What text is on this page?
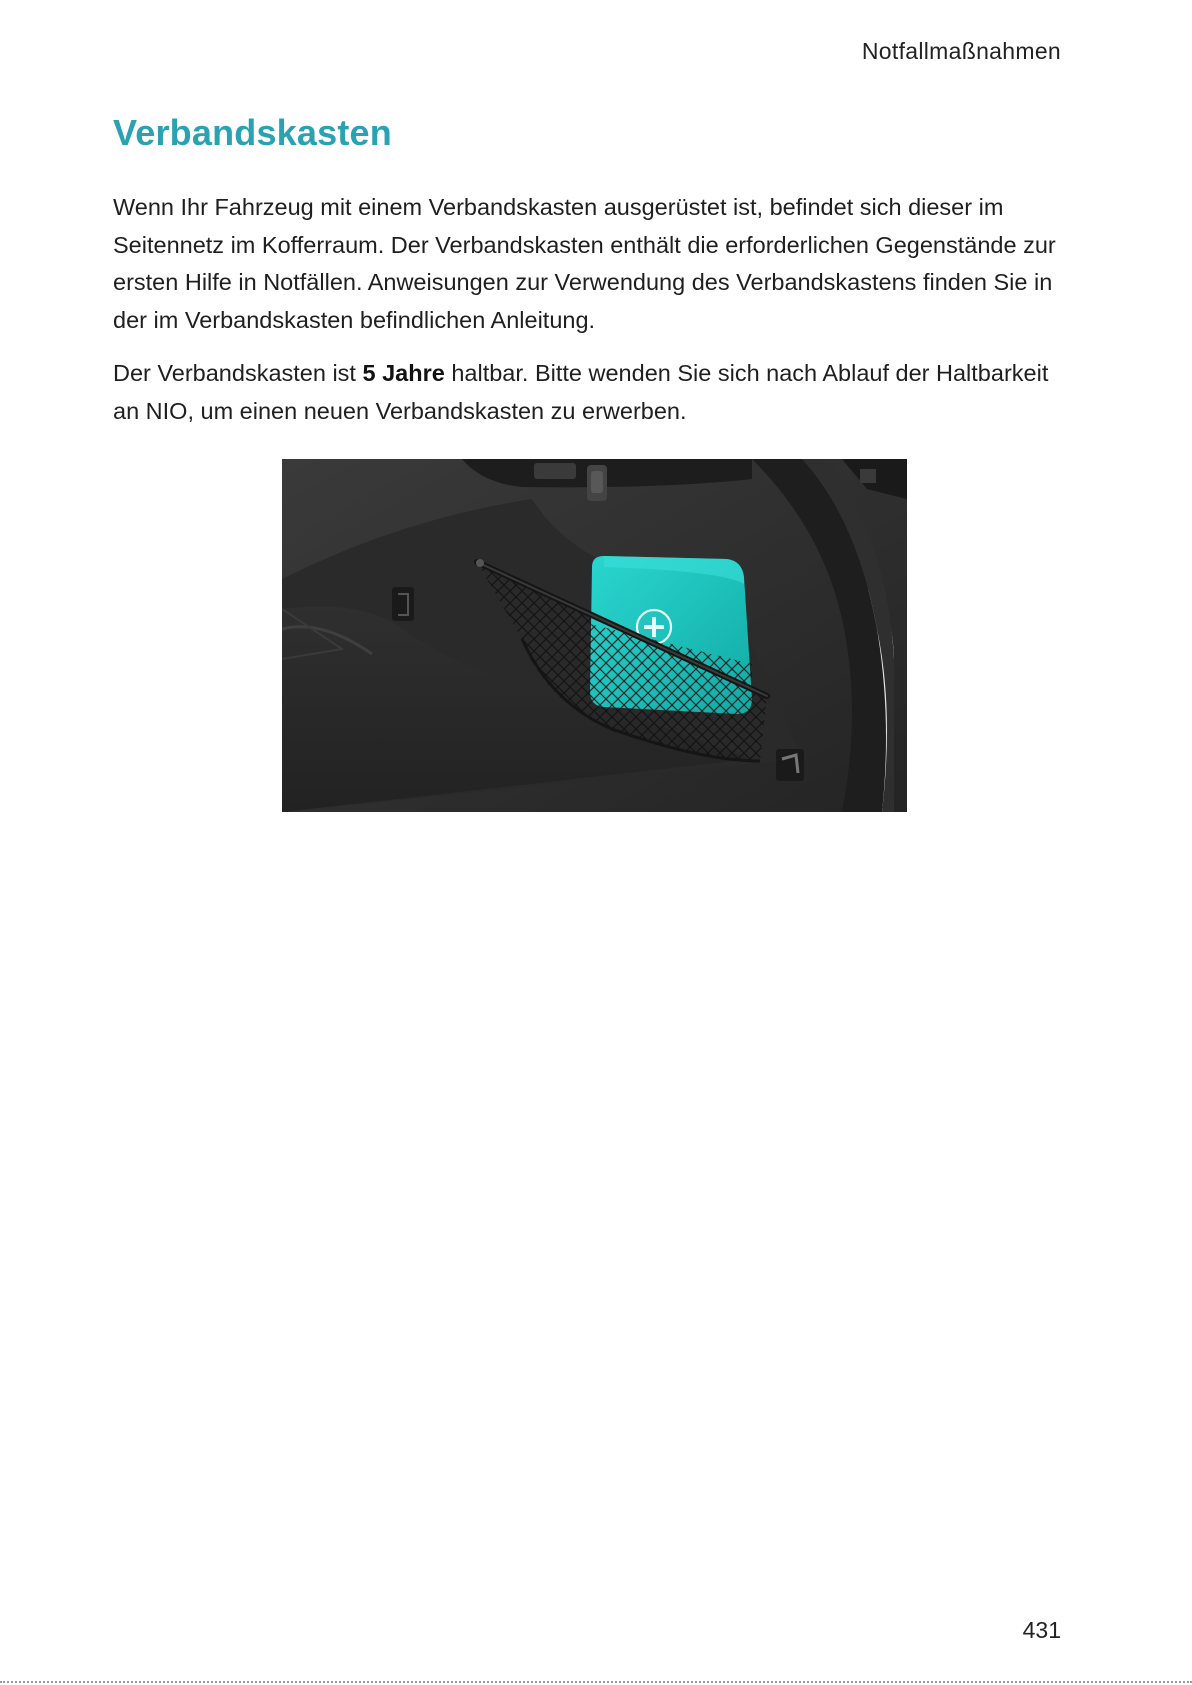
Notfallmaßnahmen
Verbandskasten

Wenn Ihr Fahrzeug mit einem Verbandskasten ausgerüstet ist, befindet sich dieser im Seitennetz im Kofferraum. Der Verbandskasten enthält die erforderlichen Gegenstände zur ersten Hilfe in Notfällen. Anweisungen zur Verwendung des Verbandskastens finden Sie in der im Verbandskasten befindlichen Anleitung.

Der Verbandskasten ist 5 Jahre haltbar. Bitte wenden Sie sich nach Ablauf der Haltbarkeit an NIO, um einen neuen Verbandskasten zu erwerben.

431
